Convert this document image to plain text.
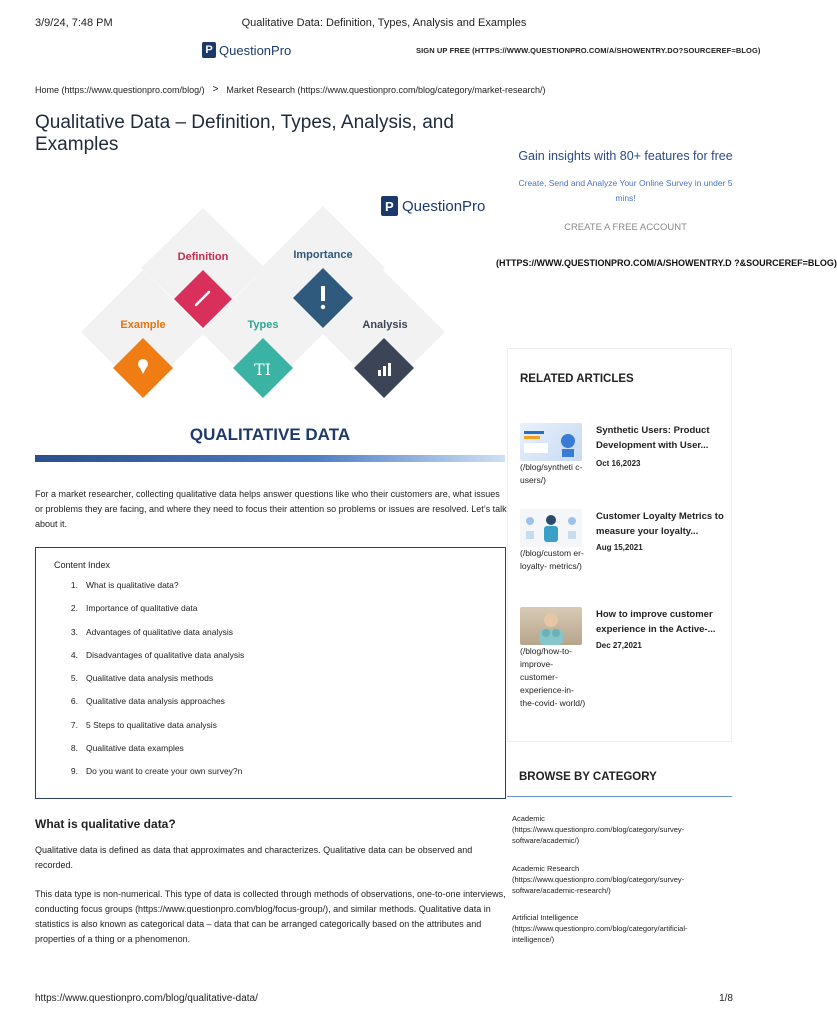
3/9/24, 7:48 PM	Qualitative Data: Definition, Types, Analysis and Examples
P QuestionPro	SIGN UP FREE (HTTPS://WWW.QUESTIONPRO.COM/A/SHOWENTRY.DO?SOURCEREF=BLOG)
Home (https://www.questionpro.com/blog/) > Market Research (https://www.questionpro.com/blog/category/market-research/)
Qualitative Data – Definition, Types, Analysis, and Examples
P QuestionPro
Definition	Importance
Example	Types
TI
Analysis
QUALITATIVE DATA

For a market researcher, collecting qualitative data helps answer questions like who their customers are, what issues or problems they are facing, and where they need to focus their attention so problems or issues are resolved. Let’s talk about it.

Content Index
1. What is qualitative data?
2. Importance of qualitative data
3. Advantages of qualitative data analysis
4. Disadvantages of qualitative data analysis
5. Qualitative data analysis methods
6. Qualitative data analysis approaches
7. 5 Steps to qualitative data analysis
8. Qualitative data examples
9. Do you want to create your own survey?n
What is qualitative data?

Qualitative data is defined as data that approximates and characterizes. Qualitative data can be observed and recorded.

This data type is non-numerical. This type of data is collected through methods of observations, one-to-one interviews, conducting focus groups (https://www.questionpro.com/blog/focus-group/), and similar methods. Qualitative data in statistics is also known as categorical data – data that can be arranged categorically based on the attributes and properties of a thing or a phenomenon.

Gain insights with 80+ features for free
Create, Send and Analyze Your Online Survey in under 5 mins!
CREATE A FREE ACCOUNT
(HTTPS://WWW.QUESTIONPRO.COM/A/SHOWENTRY.D ?&SOURCEREF=BLOG)
RELATED ARTICLES
(/blog/syntheti c-users/)
Synthetic Users: Product Development with User...
Oct 16,2023
(/blog/custom er-loyalty- metrics/)
Customer Loyalty Metrics to measure your loyalty...
Aug 15,2021
(/blog/how-to- improve- customer- experience-in- the-covid- world/)
How to improve customer experience in the Active-...
Dec 27,2021
BROWSE BY CATEGORY
Academic
(https://www.questionpro.com/blog/category/survey-software/academic/)
Academic Research
(https://www.questionpro.com/blog/category/survey-software/academic-research/)
Artificial Intelligence
(https://www.questionpro.com/blog/category/artificial-intelligence/)
https://www.questionpro.com/blog/qualitative-data/	1/8
